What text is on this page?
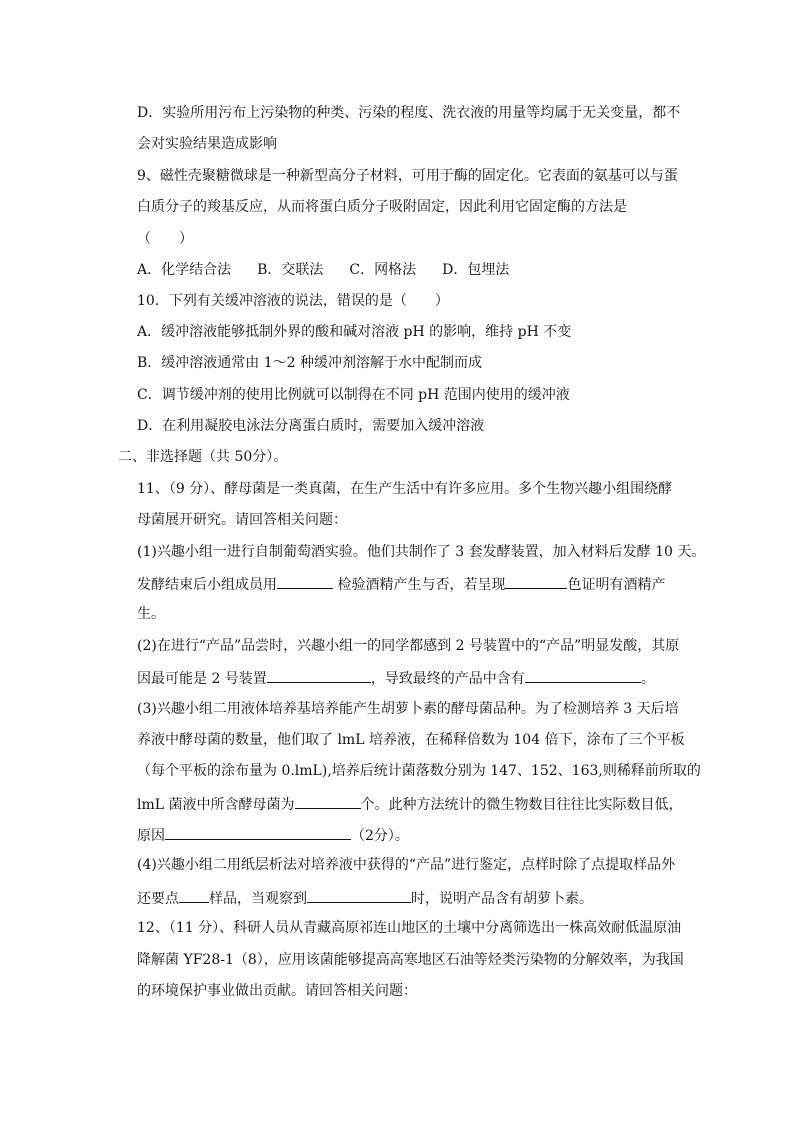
D．实验所用污布上污染物的种类、污染的程度、洗衣液的用量等均属于无关变量，都不
会对实验结果造成影响
9、磁性壳聚糖微球是一种新型高分子材料，可用于酶的固定化。它表面的氨基可以与蛋
白质分子的羧基反应，从而将蛋白质分子吸附固定，因此利用它固定酶的方法是
（　　）
A．化学结合法 B．交联法 C．网格法 D．包埋法
10．下列有关缓冲溶液的说法，错误的是（　　）
A．缓冲溶液能够抵制外界的酸和碱对溶液 pH 的影响，维持 pH 不变
B．缓冲溶液通常由 1～2 种缓冲剂溶解于水中配制而成
C．调节缓冲剂的使用比例就可以制得在不同 pH 范围内使用的缓冲液
D．在利用凝胶电泳法分离蛋白质时，需要加入缓冲溶液
二、非选择题（共 50分）。
11、（9 分）、酵母菌是一类真菌，在生产生活中有许多应用。多个生物兴趣小组围绕酵
母菌展开研究。请回答相关问题：
(1)兴趣小组一进行自制葡萄酒实验。他们共制作了 3 套发酵装置，加入材料后发酵 10 天。
发酵结束后小组成员用	检验酒精产生与否，若呈现	色证明有酒精产
生。
(2)在进行“产品”品尝时，兴趣小组一的同学都感到 2 号装置中的“产品”明显发酸，其原
因最可能是 2 号装置	，导致最终的产品中含有	。
(3)兴趣小组二用液体培养基培养能产生胡萝卜素的酵母菌品种。为了检测培养 3 天后培
养液中酵母菌的数量，他们取了 lmL 培养液，在稀释倍数为 104 倍下，涂布了三个平板
（每个平板的涂布量为 0.lmL),培养后统计菌落数分别为 147、152、163,则稀释前所取的
lmL 菌液中所含酵母菌为	个。此种方法统计的微生物数目往往比实际数目低，
原因	（2分）。
(4)兴趣小组二用纸层析法对培养液中获得的“产品”进行鉴定，点样时除了点提取样品外
还要点 样品，当观察到	时，说明产品含有胡萝卜素。
12、（11 分）、科研人员从青藏高原祁连山地区的土壤中分离筛选出一株高效耐低温原油
降解菌 YF28-1（8），应用该菌能够提高高寒地区石油等烃类污染物的分解效率，为我国
的环境保护事业做出贡献。请回答相关问题：
